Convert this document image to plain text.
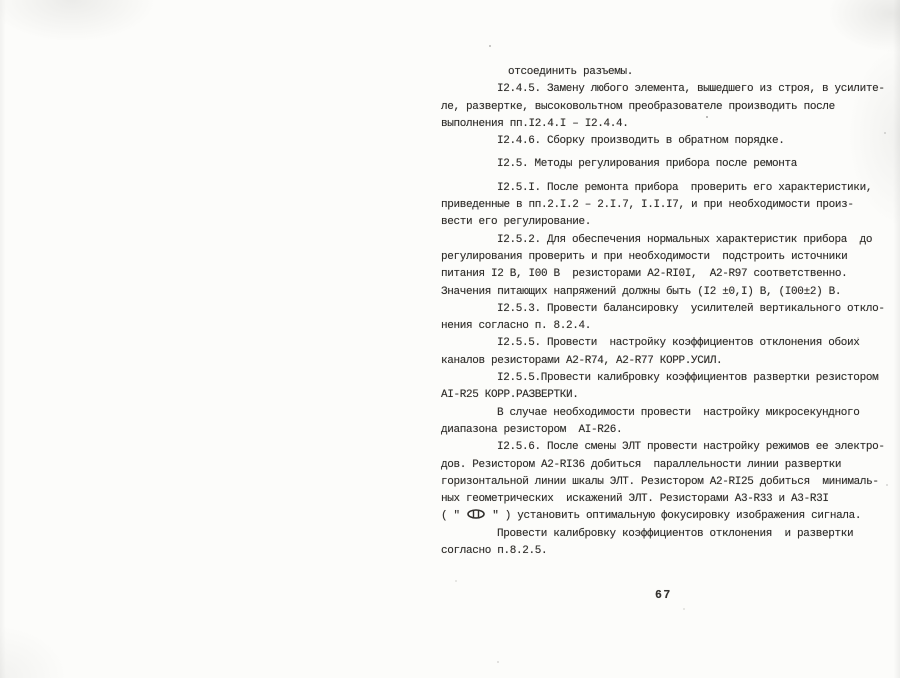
отсоединить разъемы.
I2.4.5. Замену любого элемента, вышедшего из строя, в усилите-
ле, развертке, высоковольтном преобразователе производить после
выполнения пп.I2.4.I – I2.4.4.
I2.4.6. Сборку производить в обратном порядке.
I2.5. Методы регулирования прибора после ремонта
I2.5.I. После ремонта прибора  проверить его характеристики,
приведенные в пп.2.I.2 – 2.I.7, I.I.I7, и при необходимости произ-
вести его регулирование.
I2.5.2. Для обеспечения нормальных характеристик прибора  до
регулирования проверить и при необходимости  подстроить источники
питания I2 В, I00 В  резисторами А2-RI0I,  А2-R97 соответственно.
Значения питающих напряжений должны быть (I2 ±0,I) В, (I00±2) В.
I2.5.3. Провести балансировку  усилителей вертикального откло-
нения согласно п. 8.2.4.
I2.5.5. Провести  настройку коэффициентов отклонения обоих
каналов резисторами А2-R74, А2-R77 КОРР.УСИЛ.
I2.5.5.Провести калибровку коэффициентов развертки резистором
АI-R25 КОРР.РАЗВЕРТКИ.
В случае необходимости провести  настройку микросекундного
диапазона резистором  АI-R26.
I2.5.6. После смены ЭЛТ провести настройку режимов ее электро-
дов. Резистором А2-RI36 добиться  параллельности линии развертки
горизонтальной линии шкалы ЭЛТ. Резистором А2-RI25 добиться  минималь-
ных геометрических  искажений ЭЛТ. Резисторами А3-R33 и А3-R3I
( "  " ) установить оптимальную фокусировку изображения сигнала.
Провести калибровку коэффициентов отклонения  и развертки
согласно п.8.2.5.
67
